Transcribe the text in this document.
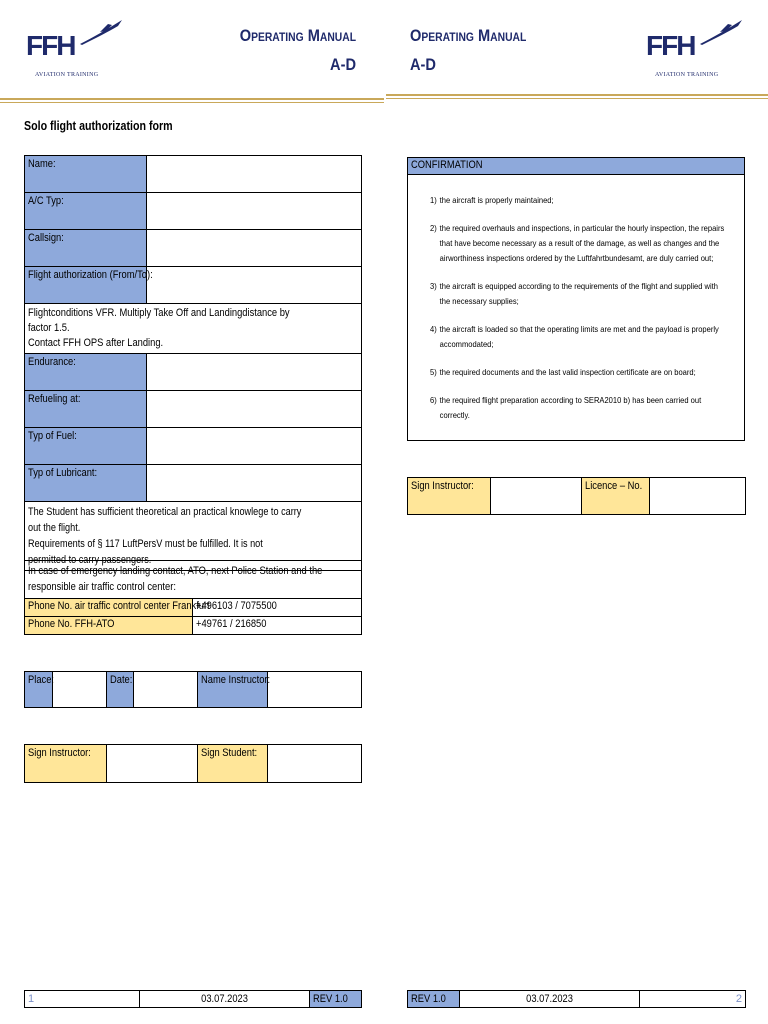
FFH
AVIATION TRAINING
Operating Manual
A-D
Operating Manual
A-D
FFH
AVIATION TRAINING
Solo flight authorization form
Name:	
A/C Typ:	
Callsign:	
Flight authorization (From/To):	
Flightconditions VFR. Multiply Take Off and Landingdistance by factor 1.5.
Contact FFH OPS after Landing.	
Endurance:	
Refueling at:	
Typ of Fuel:	
Typ of Lubricant:	
The Student has sufficient theoretical an practical knowlege to carry out the flight.
Requirements of § 117 LuftPersV must be fulfilled. It is not permitted to carry passengers.	
In case of emergency landing contact, ATO, next Police Station and the responsible air traffic control center:	

Phone No. air traffic control center Frankfurt	+496103 / 7075500
Phone No. FFH-ATO	+49761 / 216850
Place:		Date:		Name Instructor:	
Sign Instructor:		Sign Student:	
CONFIRMATION
1) the aircraft is properly maintained;
2) the required overhauls and inspections, in particular the hourly inspection, the repairs that have become necessary as a result of the damage, as well as changes and the airworthiness inspections ordered by the Luftfahrtbundesamt, are duly carried out;
3) the aircraft is equipped according to the requirements of the flight and supplied with the necessary supplies;
4) the aircraft is loaded so that the operating limits are met and the payload is properly accommodated;
5) the required documents and the last valid inspection certificate are on board;
6) the required flight preparation according to SERA2010 b) has been carried out correctly.
Sign Instructor:		Licence – No.	
1	03.07.2023	REV 1.0	REV 1.0	03.07.2023	2
